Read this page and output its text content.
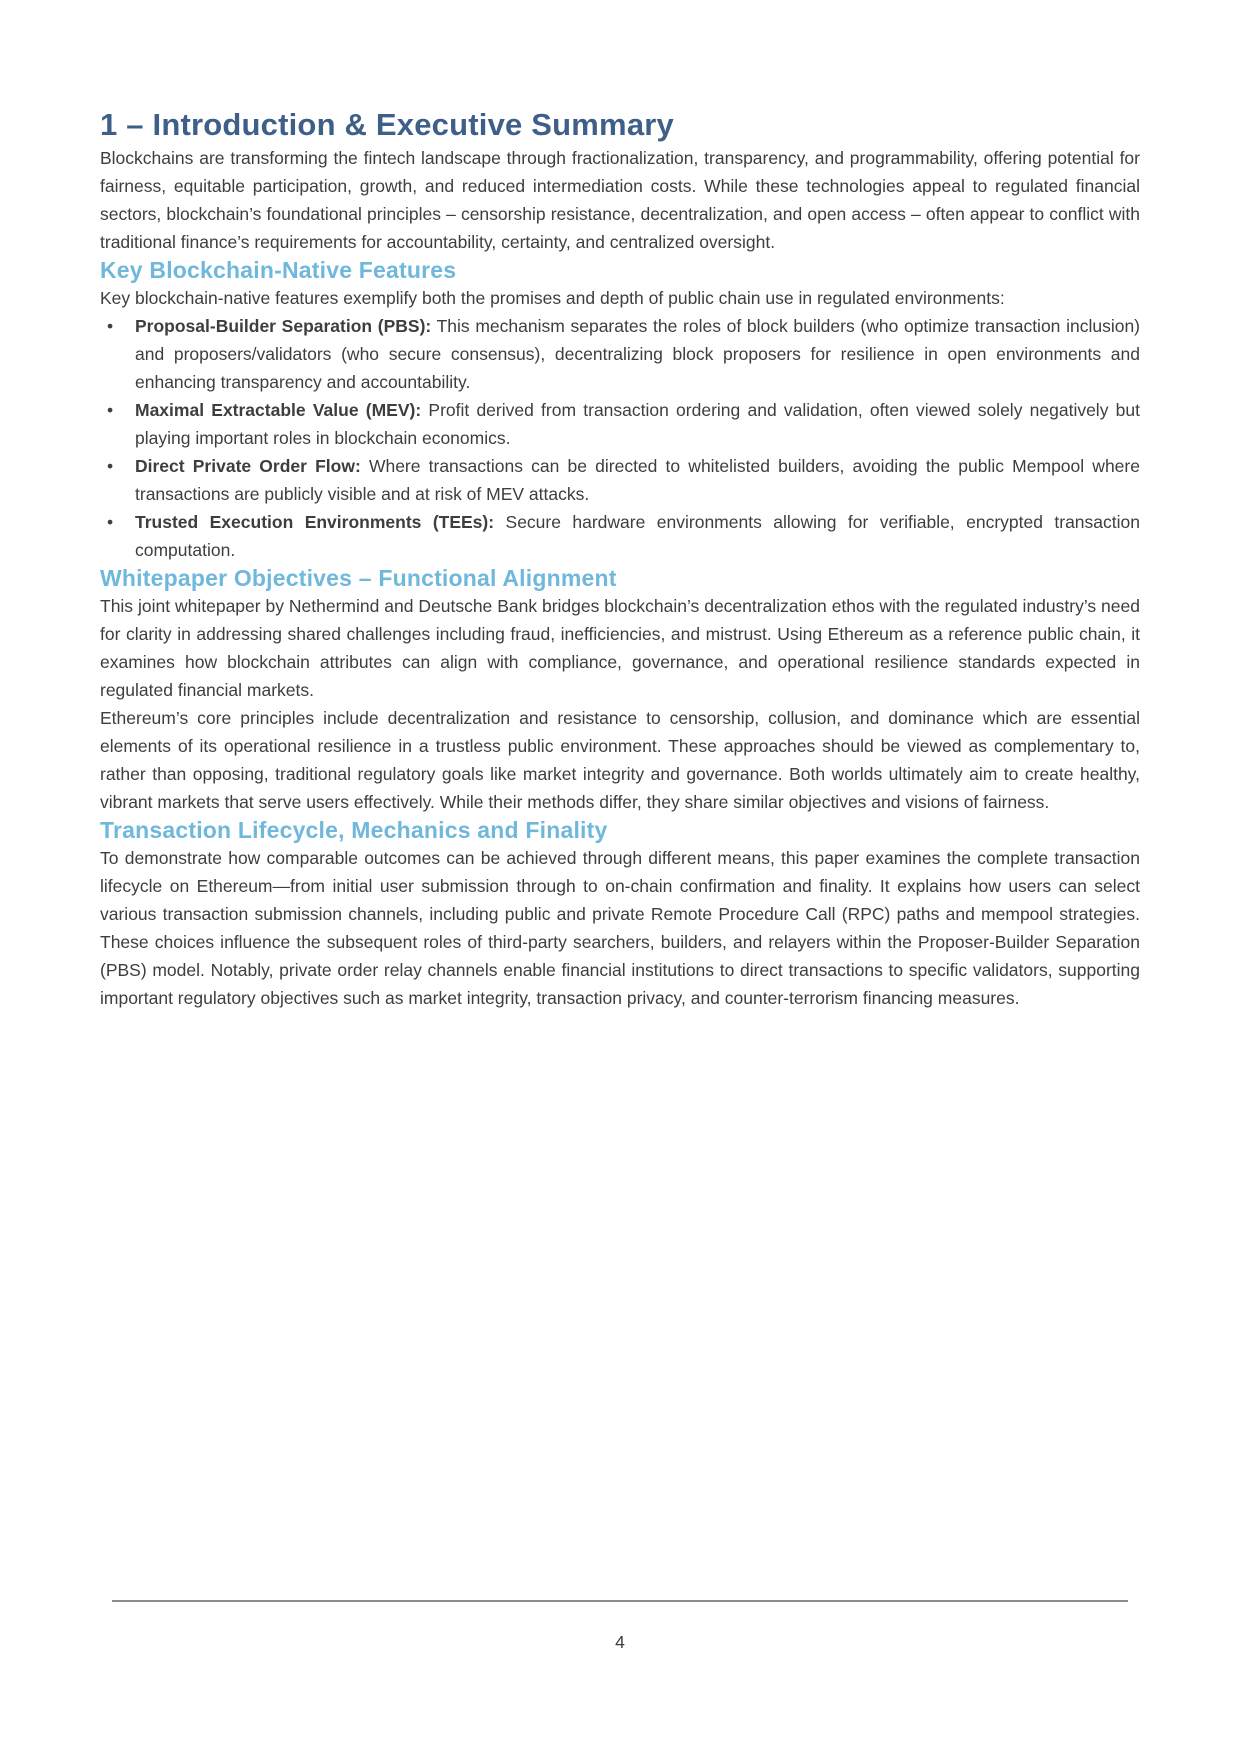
1 – Introduction & Executive Summary

Blockchains are transforming the fintech landscape through fractionalization, transparency, and programmability, offering potential for fairness, equitable participation, growth, and reduced intermediation costs. While these technologies appeal to regulated financial sectors, blockchain’s foundational principles – censorship resistance, decentralization, and open access – often appear to conflict with traditional finance’s requirements for accountability, certainty, and centralized oversight.

Key Blockchain-Native Features

Key blockchain-native features exemplify both the promises and depth of public chain use in regulated environments:

• Proposal-Builder Separation (PBS): This mechanism separates the roles of block builders (who optimize transaction inclusion) and proposers/validators (who secure consensus), decentralizing block proposers for resilience in open environments and enhancing transparency and accountability.
• Maximal Extractable Value (MEV): Profit derived from transaction ordering and validation, often viewed solely negatively but playing important roles in blockchain economics.
• Direct Private Order Flow: Where transactions can be directed to whitelisted builders, avoiding the public Mempool where transactions are publicly visible and at risk of MEV attacks.
• Trusted Execution Environments (TEEs): Secure hardware environments allowing for verifiable, encrypted transaction computation.
Whitepaper Objectives – Functional Alignment

This joint whitepaper by Nethermind and Deutsche Bank bridges blockchain’s decentralization ethos with the regulated industry’s need for clarity in addressing shared challenges including fraud, inefficiencies, and mistrust. Using Ethereum as a reference public chain, it examines how blockchain attributes can align with compliance, governance, and operational resilience standards expected in regulated financial markets.

Ethereum’s core principles include decentralization and resistance to censorship, collusion, and dominance which are essential elements of its operational resilience in a trustless public environment. These approaches should be viewed as complementary to, rather than opposing, traditional regulatory goals like market integrity and governance. Both worlds ultimately aim to create healthy, vibrant markets that serve users effectively. While their methods differ, they share similar objectives and visions of fairness.

Transaction Lifecycle, Mechanics and Finality

To demonstrate how comparable outcomes can be achieved through different means, this paper examines the complete transaction lifecycle on Ethereum—from initial user submission through to on-chain confirmation and finality. It explains how users can select various transaction submission channels, including public and private Remote Procedure Call (RPC) paths and mempool strategies. These choices influence the subsequent roles of third-party searchers, builders, and relayers within the Proposer-Builder Separation (PBS) model. Notably, private order relay channels enable financial institutions to direct transactions to specific validators, supporting important regulatory objectives such as market integrity, transaction privacy, and counter-terrorism financing measures.

4
